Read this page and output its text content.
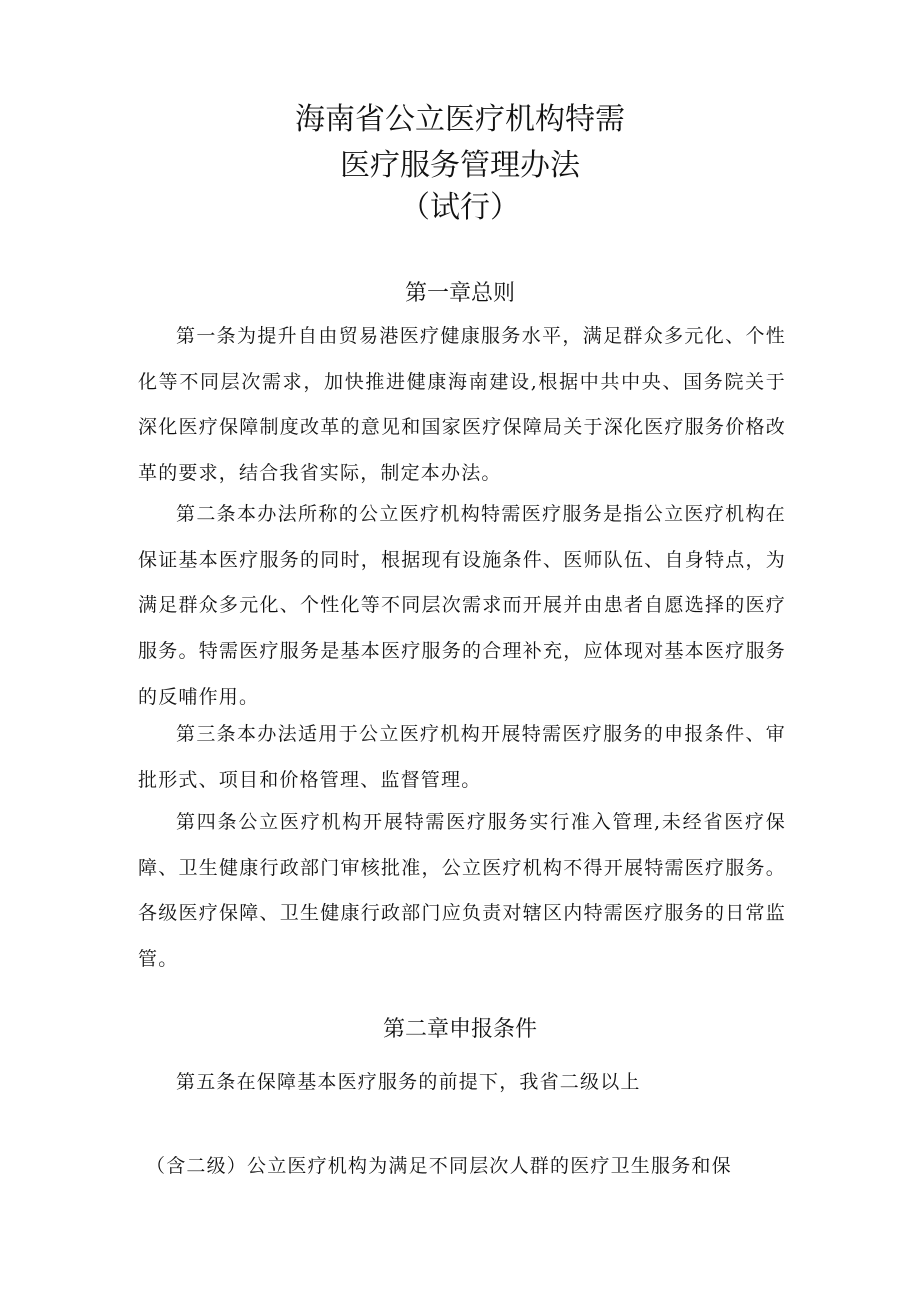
海南省公立医疗机构特需
医疗服务管理办法
（试行）
第一章总则

第一条为提升自由贸易港医疗健康服务水平，满足群众多元化、个性化等不同层次需求，加快推进健康海南建设,根据中共中央、国务院关于深化医疗保障制度改革的意见和国家医疗保障局关于深化医疗服务价格改革的要求，结合我省实际，制定本办法。

第二条本办法所称的公立医疗机构特需医疗服务是指公立医疗机构在保证基本医疗服务的同时，根据现有设施条件、医师队伍、自身特点，为满足群众多元化、个性化等不同层次需求而开展并由患者自愿选择的医疗服务。特需医疗服务是基本医疗服务的合理补充，应体现对基本医疗服务的反哺作用。

第三条本办法适用于公立医疗机构开展特需医疗服务的申报条件、审批形式、项目和价格管理、监督管理。

第四条公立医疗机构开展特需医疗服务实行准入管理,未经省医疗保障、卫生健康行政部门审核批准，公立医疗机构不得开展特需医疗服务。各级医疗保障、卫生健康行政部门应负责对辖区内特需医疗服务的日常监管。

第二章申报条件

第五条在保障基本医疗服务的前提下，我省二级以上

（含二级）公立医疗机构为满足不同层次人群的医疗卫生服务和保
